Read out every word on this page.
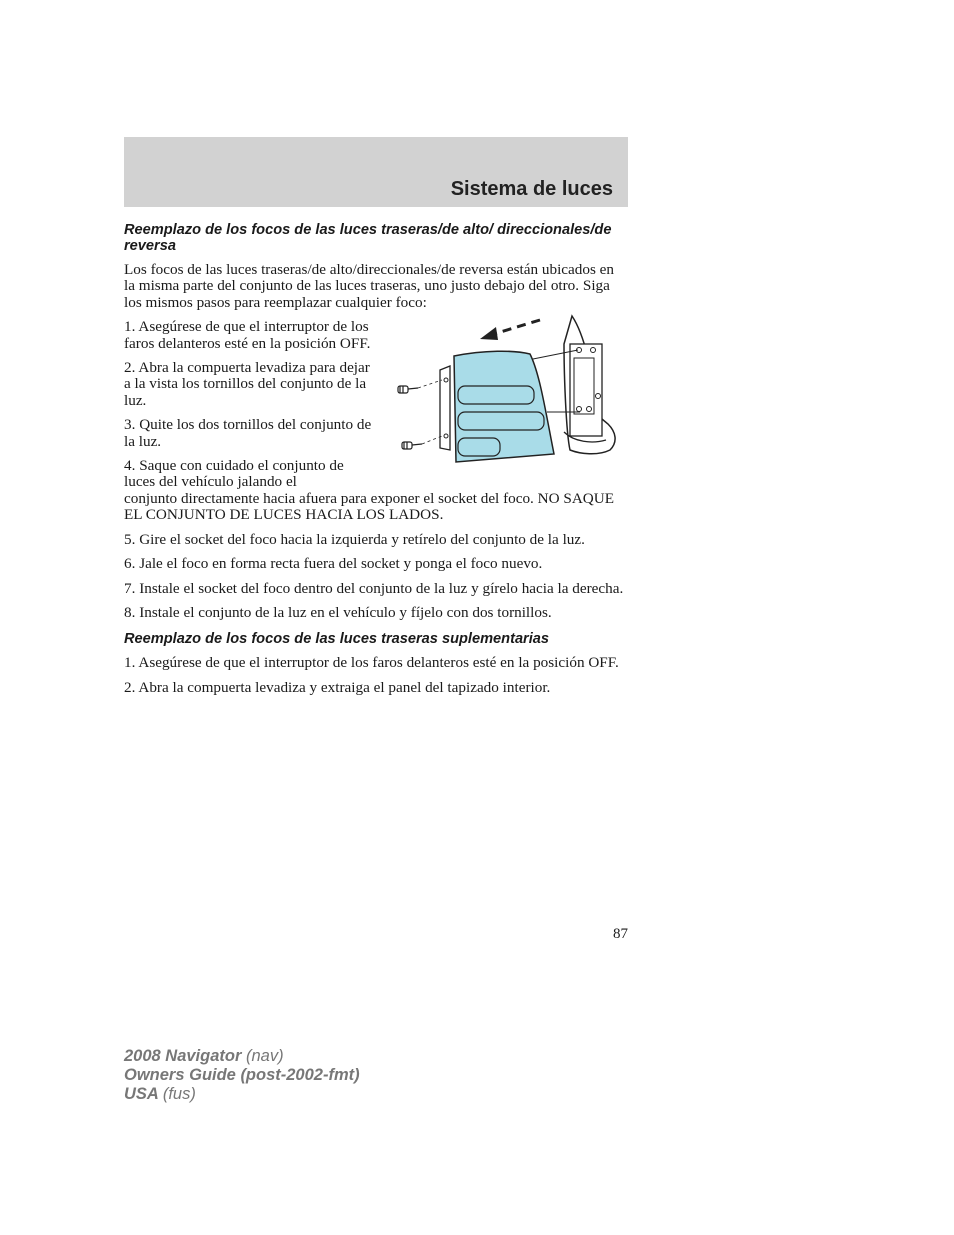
Sistema de luces
Reemplazo de los focos de las luces traseras/de alto/ direccionales/de reversa

Los focos de las luces traseras/de alto/direccionales/de reversa están ubicados en la misma parte del conjunto de las luces traseras, uno justo debajo del otro. Siga los mismos pasos para reemplazar cualquier foco:

1. Asegúrese de que el interruptor de los faros delanteros esté en la posición OFF.

2. Abra la compuerta levadiza para dejar a la vista los tornillos del conjunto de la luz.

3. Quite los dos tornillos del conjunto de la luz.

4. Saque con cuidado el conjunto de luces del vehículo jalando el
conjunto directamente hacia afuera para exponer el socket del foco. NO SAQUE EL CONJUNTO DE LUCES HACIA LOS LADOS.

5. Gire el socket del foco hacia la izquierda y retírelo del conjunto de la luz.

6. Jale el foco en forma recta fuera del socket y ponga el foco nuevo.

7. Instale el socket del foco dentro del conjunto de la luz y gírelo hacia la derecha.

8. Instale el conjunto de la luz en el vehículo y fíjelo con dos tornillos.

Reemplazo de los focos de las luces traseras suplementarias

1. Asegúrese de que el interruptor de los faros delanteros esté en la posición OFF.

2. Abra la compuerta levadiza y extraiga el panel del tapizado interior.

87
2008 Navigator (nav)
Owners Guide (post-2002-fmt)
USA (fus)
